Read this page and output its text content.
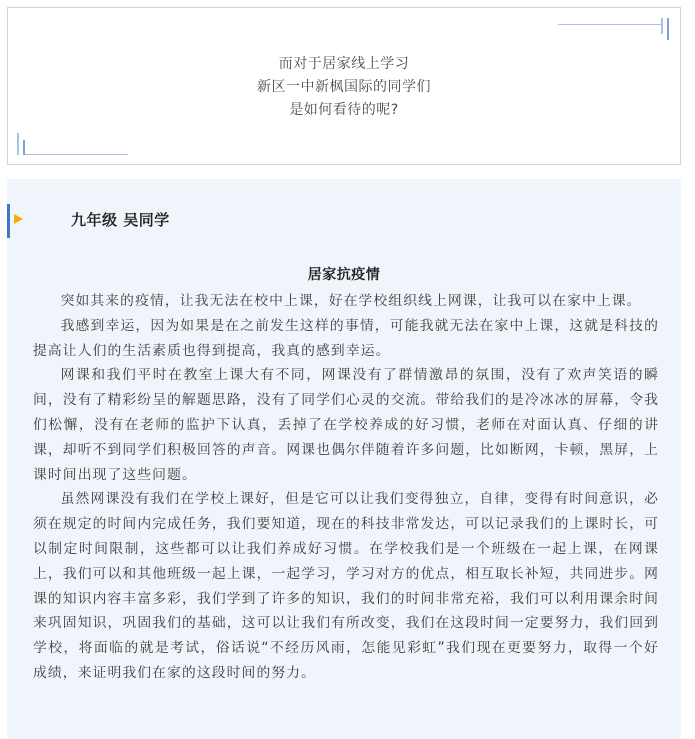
而对于居家线上学习
新区一中新枫国际的同学们
是如何看待的呢?
九年级 吴同学
居家抗疫情

突如其来的疫情，让我无法在校中上课，好在学校组织线上网课，让我可以在家中上课。

我感到幸运，因为如果是在之前发生这样的事情，可能我就无法在家中上课，这就是科技的提高让人们的生活素质也得到提高，我真的感到幸运。

网课和我们平时在教室上课大有不同，网课没有了群情激昂的氛围，没有了欢声笑语的瞬间，没有了精彩纷呈的解题思路，没有了同学们心灵的交流。带给我们的是冷冰冰的屏幕，令我们松懈，没有在老师的监护下认真，丢掉了在学校养成的好习惯，老师在对面认真、仔细的讲课，却听不到同学们积极回答的声音。网课也偶尔伴随着许多问题，比如断网，卡顿，黑屏，上课时间出现了这些问题。

虽然网课没有我们在学校上课好，但是它可以让我们变得独立，自律，变得有时间意识，必须在规定的时间内完成任务，我们要知道，现在的科技非常发达，可以记录我们的上课时长，可以制定时间限制，这些都可以让我们养成好习惯。在学校我们是一个班级在一起上课，在网课上，我们可以和其他班级一起上课，一起学习，学习对方的优点，相互取长补短，共同进步。网课的知识内容丰富多彩，我们学到了许多的知识，我们的时间非常充裕，我们可以利用课余时间来巩固知识，巩固我们的基础，这可以让我们有所改变，我们在这段时间一定要努力，我们回到学校，将面临的就是考试，俗话说“不经历风雨，怎能见彩虹”我们现在更要努力，取得一个好成绩，来证明我们在家的这段时间的努力。
